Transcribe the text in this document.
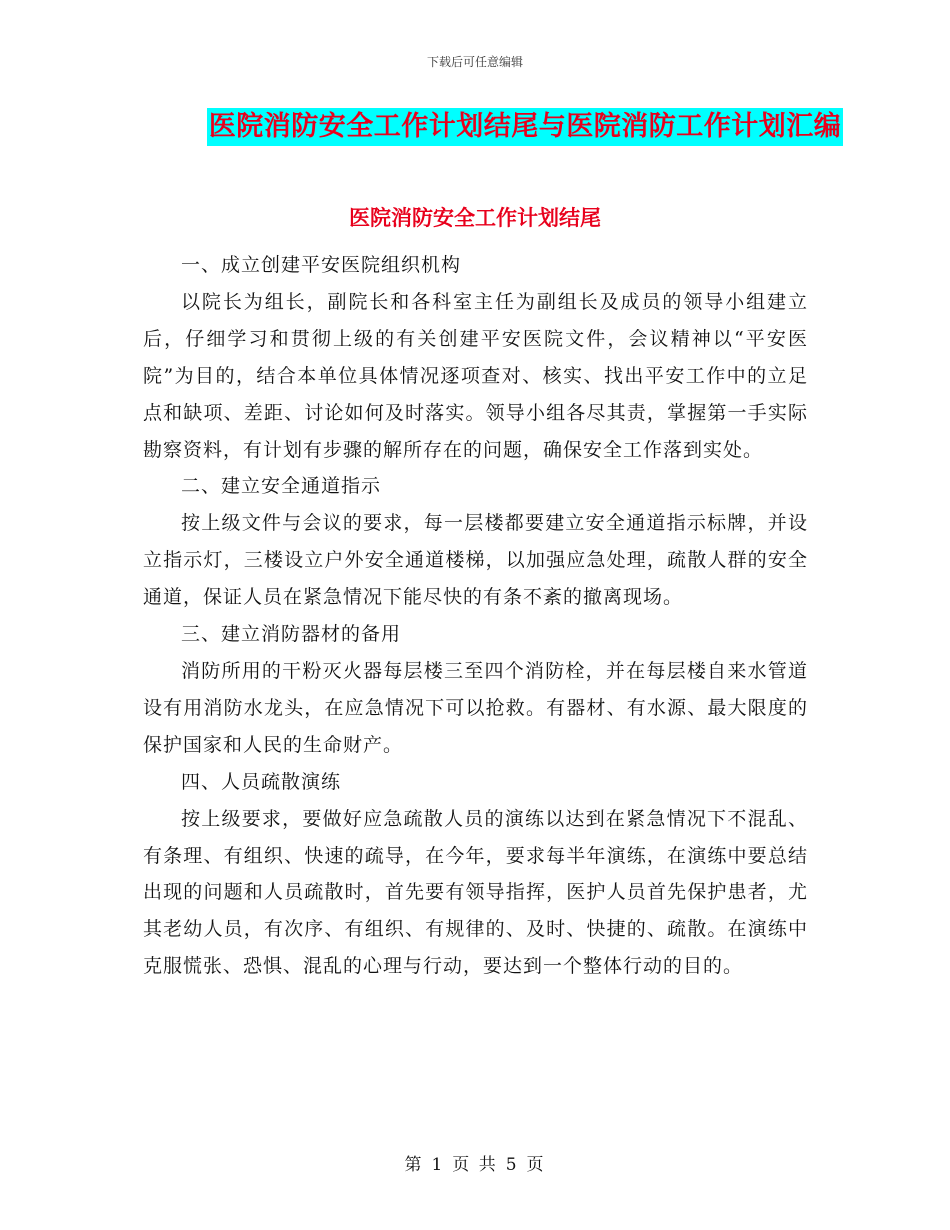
下载后可任意编辑
医院消防安全工作计划结尾与医院消防工作计划汇编
医院消防安全工作计划结尾

一、成立创建平安医院组织机构

以院长为组长，副院长和各科室主任为副组长及成员的领导小组建立后，仔细学习和贯彻上级的有关创建平安医院文件，会议精神以“平安医院”为目的，结合本单位具体情况逐项查对、核实、找出平安工作中的立足点和缺项、差距、讨论如何及时落实。领导小组各尽其责，掌握第一手实际勘察资料，有计划有步骤的解所存在的问题，确保安全工作落到实处。

二、建立安全通道指示

按上级文件与会议的要求，每一层楼都要建立安全通道指示标牌，并设立指示灯，三楼设立户外安全通道楼梯，以加强应急处理，疏散人群的安全通道，保证人员在紧急情况下能尽快的有条不紊的撤离现场。

三、建立消防器材的备用

消防所用的干粉灭火器每层楼三至四个消防栓，并在每层楼自来水管道设有用消防水龙头，在应急情况下可以抢救。有器材、有水源、最大限度的保护国家和人民的生命财产。

四、人员疏散演练

按上级要求，要做好应急疏散人员的演练以达到在紧急情况下不混乱、有条理、有组织、快速的疏导，在今年，要求每半年演练，在演练中要总结出现的问题和人员疏散时，首先要有领导指挥，医护人员首先保护患者，尤其老幼人员，有次序、有组织、有规律的、及时、快捷的、疏散。在演练中克服慌张、恐惧、混乱的心理与行动，要达到一个整体行动的目的。

第 1 页 共 5 页
